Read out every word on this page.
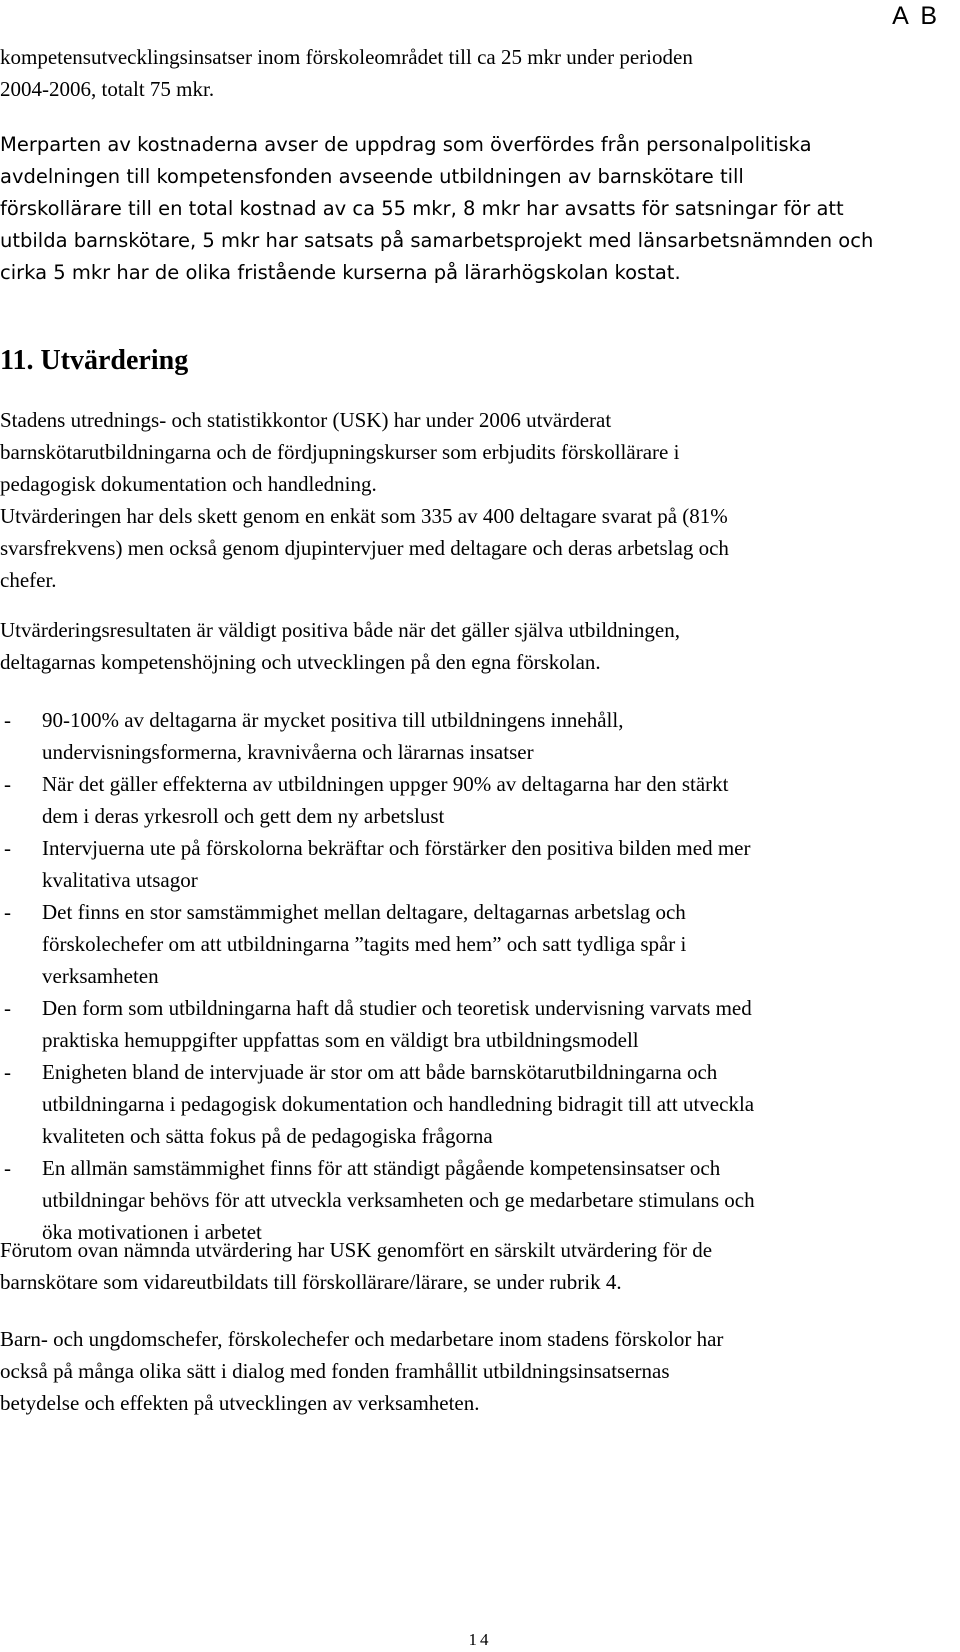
A B
kompetensutvecklingsinsatser inom förskoleområdet till ca 25 mkr under perioden
2004-2006, totalt 75 mkr.
Merparten av kostnaderna avser de uppdrag som överfördes från personalpolitiska
avdelningen till kompetensfonden avseende utbildningen av barnskötare till
förskollärare till en total kostnad av ca 55 mkr, 8 mkr har avsatts för satsningar för att
utbilda barnskötare, 5 mkr har satsats på samarbetsprojekt med länsarbetsnämnden och
cirka 5 mkr har de olika fristående kurserna på lärarhögskolan kostat.
11. Utvärdering
Stadens utrednings- och statistikkontor (USK) har under 2006 utvärderat
barnskötarutbildningarna och de fördjupningskurser som erbjudits förskollärare i
pedagogisk dokumentation och handledning.
Utvärderingen har dels skett genom en enkät som 335 av 400 deltagare svarat på (81%
svarsfrekvens) men också genom djupintervjuer med deltagare och deras arbetslag och
chefer.
Utvärderingsresultaten är väldigt positiva både när det gäller själva utbildningen,
deltagarnas kompetenshöjning och utvecklingen på den egna förskolan.
-	90-100% av deltagarna är mycket positiva till utbildningens innehåll,
undervisningsformerna, kravnivåerna och lärarnas insatser
-	När det gäller effekterna av utbildningen uppger 90% av deltagarna har den stärkt
dem i deras yrkesroll och gett dem ny arbetslust
-	Intervjuerna ute på förskolorna bekräftar och förstärker den positiva bilden med mer
kvalitativa utsagor
-	Det finns en stor samstämmighet mellan deltagare, deltagarnas arbetslag och
förskolechefer om att utbildningarna ”tagits med hem” och satt tydliga spår i
verksamheten
-	Den form som utbildningarna haft då studier och teoretisk undervisning varvats med
praktiska hemuppgifter uppfattas som en väldigt bra utbildningsmodell
-	Enigheten bland de intervjuade är stor om att både barnskötarutbildningarna och
utbildningarna i pedagogisk dokumentation och handledning bidragit till att utveckla
kvaliteten och sätta fokus på de pedagogiska frågorna
-	En allmän samstämmighet finns för att ständigt pågående kompetensinsatser och
utbildningar behövs för att utveckla verksamheten och ge medarbetare stimulans och
öka motivationen i arbetet
Förutom ovan nämnda utvärdering har USK genomfört en särskilt utvärdering för de
barnskötare som vidareutbildats till förskollärare/lärare, se under rubrik 4.
Barn- och ungdomschefer, förskolechefer och medarbetare inom stadens förskolor har
också på många olika sätt i dialog med fonden framhållit utbildningsinsatsernas
betydelse och effekten på utvecklingen av verksamheten.
14
